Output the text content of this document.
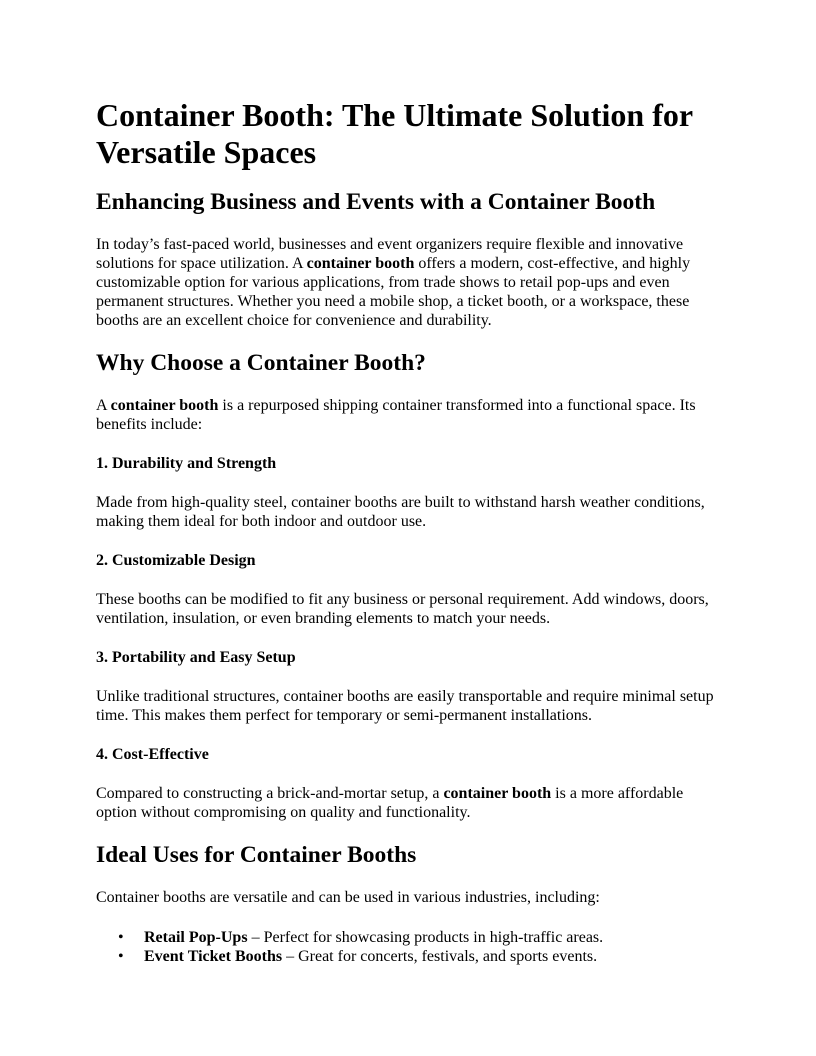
Container Booth: The Ultimate Solution for Versatile Spaces
Enhancing Business and Events with a Container Booth

In today’s fast-paced world, businesses and event organizers require flexible and innovative solutions for space utilization. A container booth offers a modern, cost-effective, and highly customizable option for various applications, from trade shows to retail pop-ups and even permanent structures. Whether you need a mobile shop, a ticket booth, or a workspace, these booths are an excellent choice for convenience and durability.

Why Choose a Container Booth?

A container booth is a repurposed shipping container transformed into a functional space. Its benefits include:

1. Durability and Strength

Made from high-quality steel, container booths are built to withstand harsh weather conditions, making them ideal for both indoor and outdoor use.

2. Customizable Design

These booths can be modified to fit any business or personal requirement. Add windows, doors, ventilation, insulation, or even branding elements to match your needs.

3. Portability and Easy Setup

Unlike traditional structures, container booths are easily transportable and require minimal setup time. This makes them perfect for temporary or semi-permanent installations.

4. Cost-Effective

Compared to constructing a brick-and-mortar setup, a container booth is a more affordable option without compromising on quality and functionality.

Ideal Uses for Container Booths

Container booths are versatile and can be used in various industries, including:

• Retail Pop-Ups – Perfect for showcasing products in high-traffic areas.
• Event Ticket Booths – Great for concerts, festivals, and sports events.
